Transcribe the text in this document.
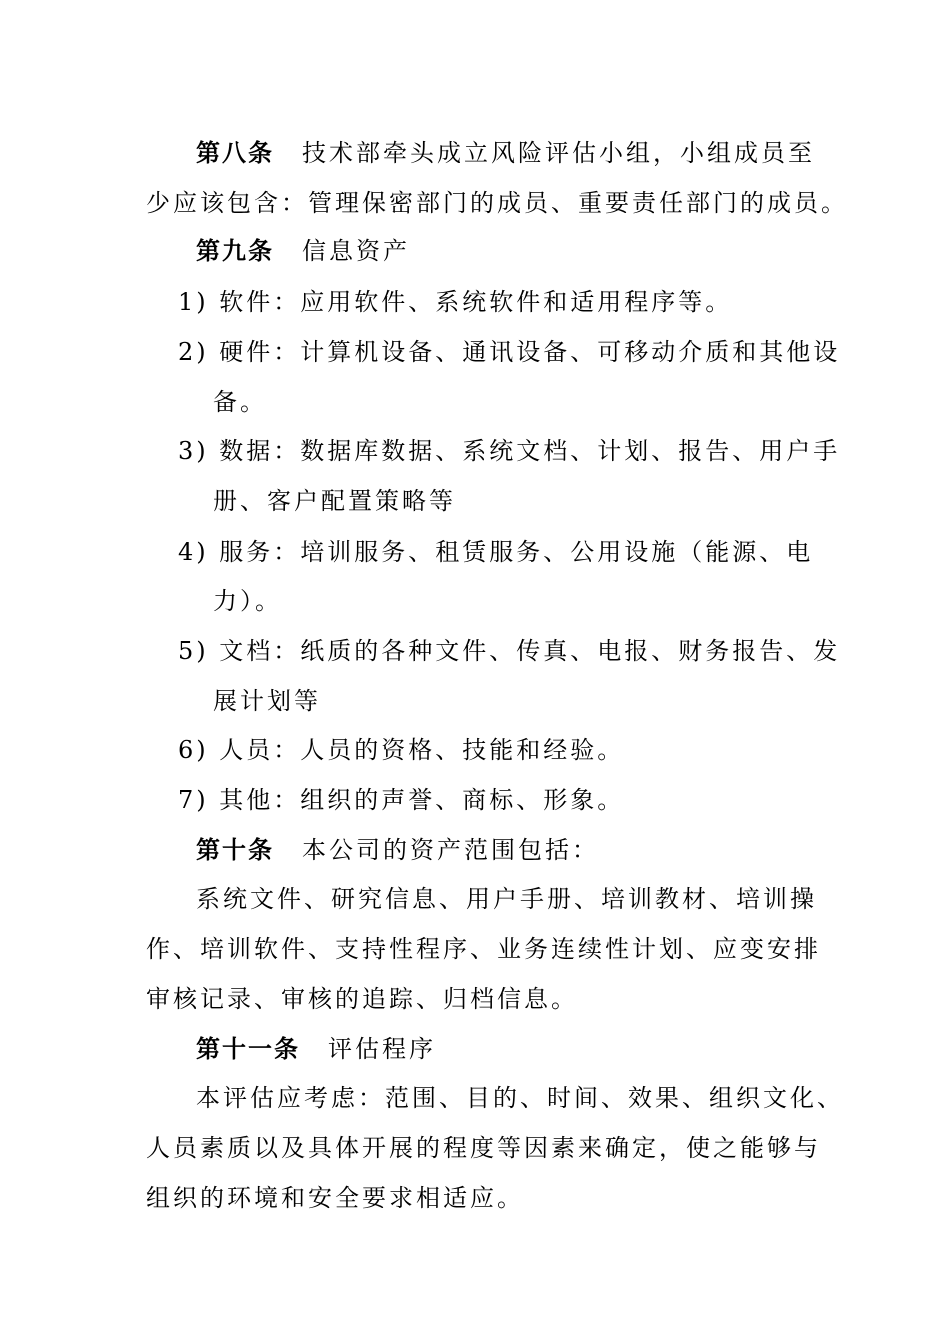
第八条 技术部牵头成立风险评估小组，小组成员至
少应该包含：管理保密部门的成员、重要责任部门的成员。
第九条 信息资产
1) 软件：应用软件、系统软件和适用程序等。
2) 硬件：计算机设备、通讯设备、可移动介质和其他设
备。
3) 数据：数据库数据、系统文档、计划、报告、用户手
册、客户配置策略等
4) 服务：培训服务、租赁服务、公用设施（能源、电
力）。
5) 文档：纸质的各种文件、传真、电报、财务报告、发
展计划等
6) 人员：人员的资格、技能和经验。
7) 其他：组织的声誉、商标、形象。
第十条 本公司的资产范围包括：
系统文件、研究信息、用户手册、培训教材、培训操
作、培训软件、支持性程序、业务连续性计划、应变安排
审核记录、审核的追踪、归档信息。
第十一条 评估程序
本评估应考虑：范围、目的、时间、效果、组织文化、
人员素质以及具体开展的程度等因素来确定，使之能够与
组织的环境和安全要求相适应。
